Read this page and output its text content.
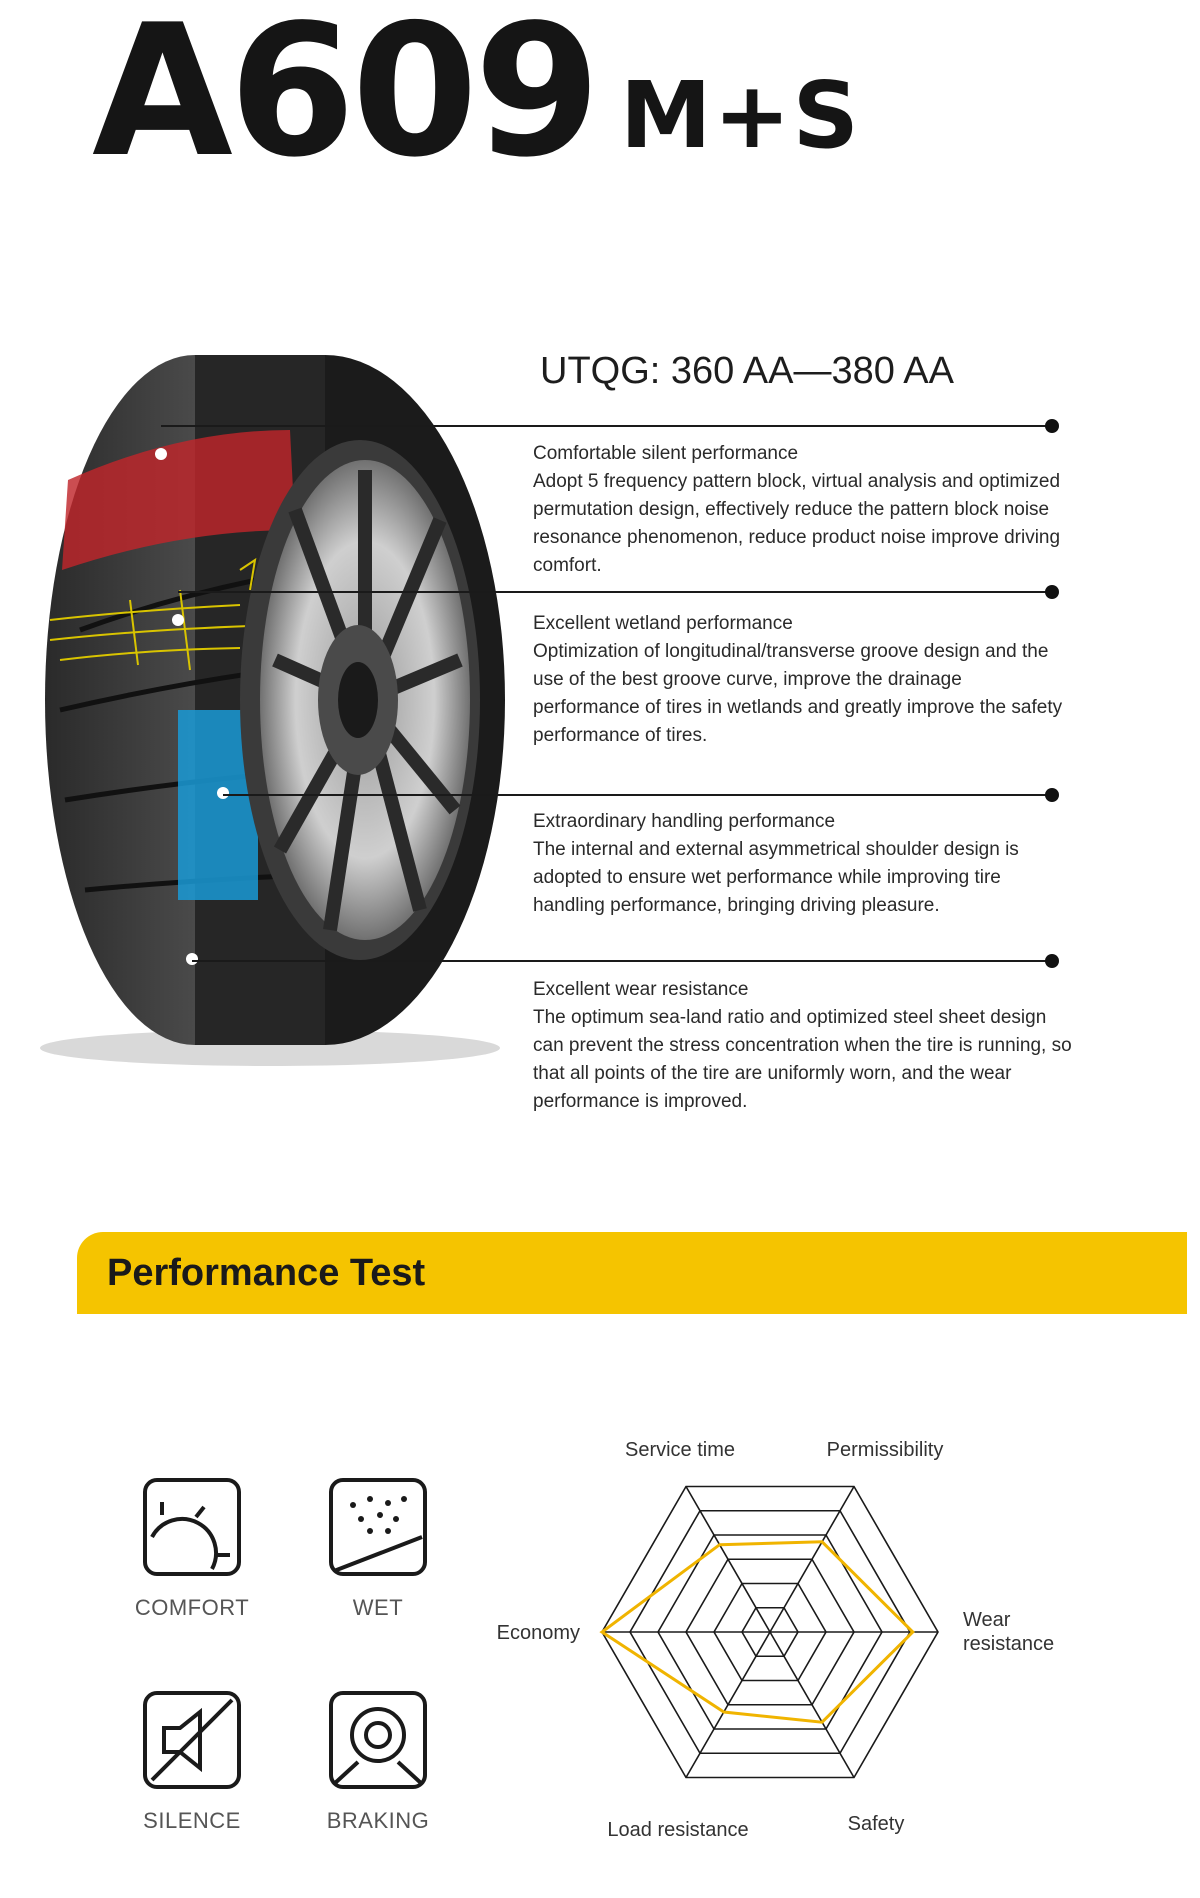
A609 M+S
UTQG: 360 AA—380 AA
Comfortable silent performance
Adopt 5 frequency pattern block, virtual analysis and optimized permutation design, effectively reduce the pattern block noise resonance phenomenon, reduce product noise improve driving comfort.
Excellent wetland performance
Optimization of longitudinal/transverse groove design and the use of the best groove curve, improve the drainage performance of tires in wetlands and greatly improve the safety performance of tires.
Extraordinary handling performance
The internal and external asymmetrical shoulder design is adopted to ensure wet performance while improving tire handling performance, bringing driving pleasure.
Excellent wear resistance
The optimum sea-land ratio and optimized steel sheet design can prevent the stress concentration when the tire is running, so that all points of the tire are uniformly worn, and the wear performance is improved.
Performance Test
COMFORT	WET
SILENCE	BRAKING
Service time	Permissibility
Wear resistance
Safety
Load resistance
Economy
